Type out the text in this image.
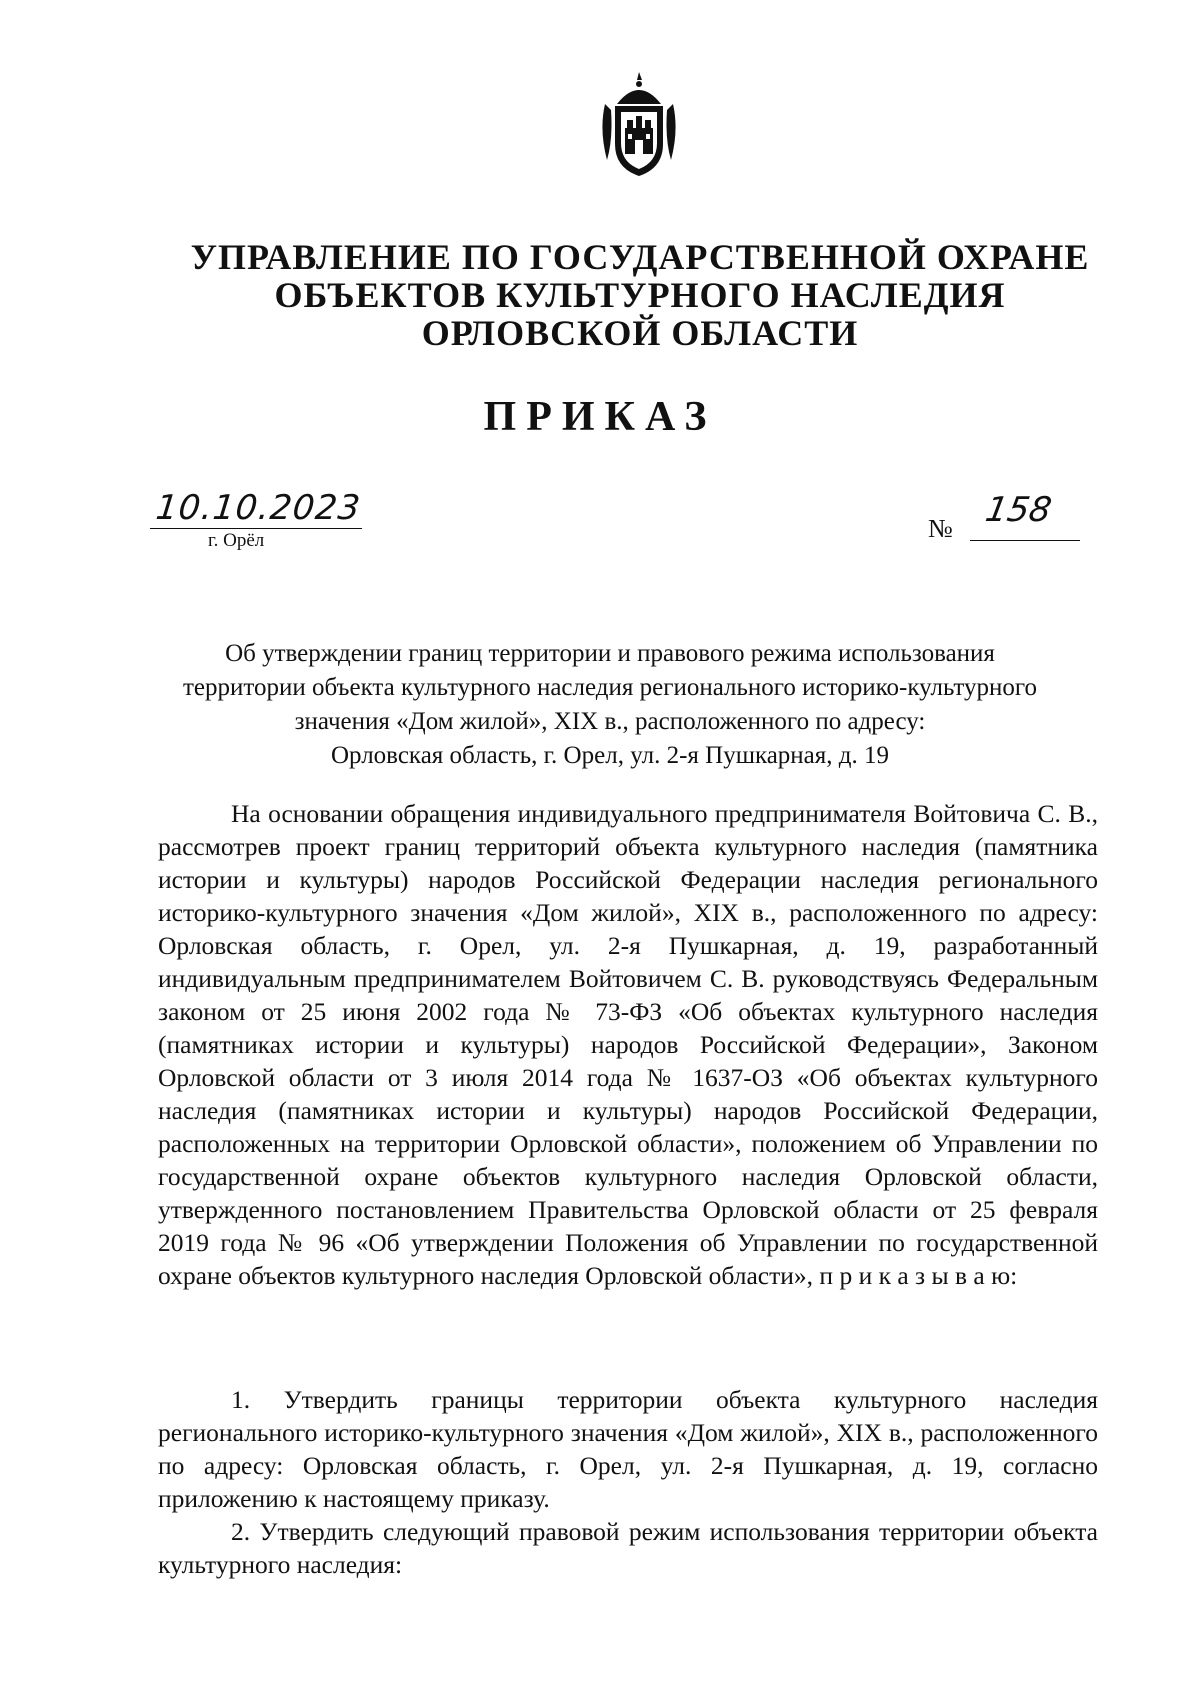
УПРАВЛЕНИЕ ПО ГОСУДАРСТВЕННОЙ ОХРАНЕ
ОБЪЕКТОВ КУЛЬТУРНОГО НАСЛЕДИЯ
ОРЛОВСКОЙ ОБЛАСТИ
ПРИКАЗ
10.10.2023
г. Орёл	№ 158
Об утверждении границ территории и правового режима использования
территории объекта культурного наследия регионального историко-культурного
значения «Дом жилой», XIX в., расположенного по адресу:
Орловская область, г. Орел, ул. 2-я Пушкарная, д. 19

На основании обращения индивидуального предпринимателя Войтовича С. В., рассмотрев проект границ территорий объекта культурного наследия (памятника истории и культуры) народов Российской Федерации наследия регионального историко-культурного значения «Дом жилой», XIX в., расположенного по адресу: Орловская область, г. Орел, ул. 2-я Пушкарная, д. 19, разработанный индивидуальным предпринимателем Войтовичем С. В. руководствуясь Федеральным законом от 25 июня 2002 года № 73-ФЗ «Об объектах культурного наследия (памятниках истории и культуры) народов Российской Федерации», Законом Орловской области от 3 июля 2014 года № 1637-ОЗ «Об объектах культурного наследия (памятниках истории и культуры) народов Российской Федерации, расположенных на территории Орловской области», положением об Управлении по государственной охране объектов культурного наследия Орловской области, утвержденного постановлением Правительства Орловской области от 25 февраля 2019 года № 96 «Об утверждении Положения об Управлении по государственной охране объектов культурного наследия Орловской области», п р и к а з ы в а ю:

1. Утвердить границы территории объекта культурного наследия регионального историко-культурного значения «Дом жилой», XIX в., расположенного по адресу: Орловская область, г. Орел, ул. 2-я Пушкарная, д. 19, согласно приложению к настоящему приказу.

2. Утвердить следующий правовой режим использования территории объекта культурного наследия:
